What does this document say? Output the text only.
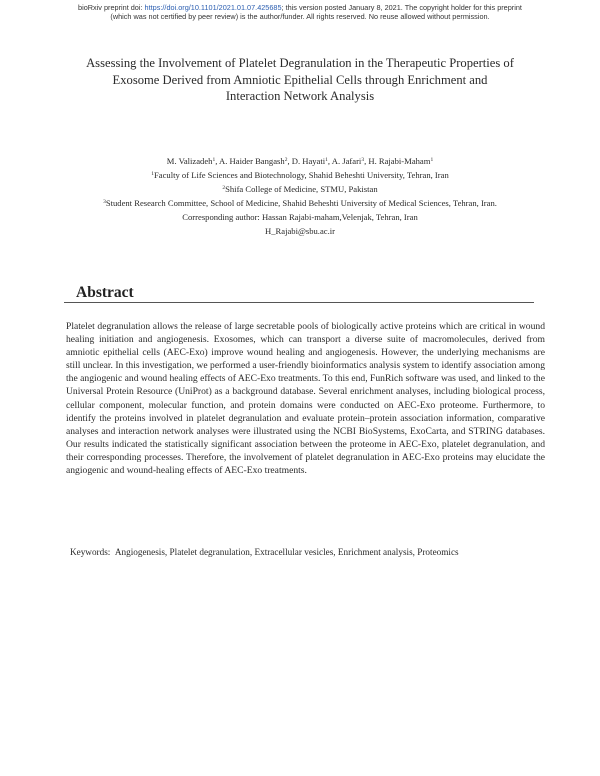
bioRxiv preprint doi: https://doi.org/10.1101/2021.01.07.425685; this version posted January 8, 2021. The copyright holder for this preprint
(which was not certified by peer review) is the author/funder. All rights reserved. No reuse allowed without permission.
Assessing the Involvement of Platelet Degranulation in the Therapeutic Properties of
Exosome Derived from Amniotic Epithelial Cells through Enrichment and
Interaction Network Analysis
M. Valizadeh$^1$, A. Haider Bangash$^2$, D. Hayati$^1$, A. Jafari$^3$, H. Rajabi-Maham$^1$
$^1$Faculty of Life Sciences and Biotechnology, Shahid Beheshti University, Tehran, Iran
$^2$Shifa College of Medicine, STMU, Pakistan
$^3$Student Research Committee, School of Medicine, Shahid Beheshti University of Medical Sciences, Tehran, Iran.
Corresponding author: Hassan Rajabi-maham,Velenjak, Tehran, Iran
H_Rajabi@sbu.ac.ir
Abstract

Platelet degranulation allows the release of large secretable pools of biologically active proteins which are critical in wound healing initiation and angiogenesis. Exosomes, which can transport a diverse suite of macromolecules, derived from amniotic epithelial cells (AEC-Exo) improve wound healing and angiogenesis. However, the underlying mechanisms are still unclear. In this investigation, we performed a user-friendly bioinformatics analysis system to identify association among the angiogenic and wound healing effects of AEC-Exo treatments. To this end, FunRich software was used, and linked to the Universal Protein Resource (UniProt) as a background database. Several enrichment analyses, including biological process, cellular component, molecular function, and protein domains were conducted on AEC-Exo proteome. Furthermore, to identify the proteins involved in platelet degranulation and evaluate protein–protein association information, comparative analyses and interaction network analyses were illustrated using the NCBI BioSystems, ExoCarta, and STRING databases. Our results indicated the statistically significant association between the proteome in AEC-Exo, platelet degranulation, and their corresponding processes. Therefore, the involvement of platelet degranulation in AEC-Exo proteins may elucidate the angiogenic and wound-healing effects of AEC-Exo treatments.

Keywords: Angiogenesis, Platelet degranulation, Extracellular vesicles, Enrichment analysis, Proteomics
